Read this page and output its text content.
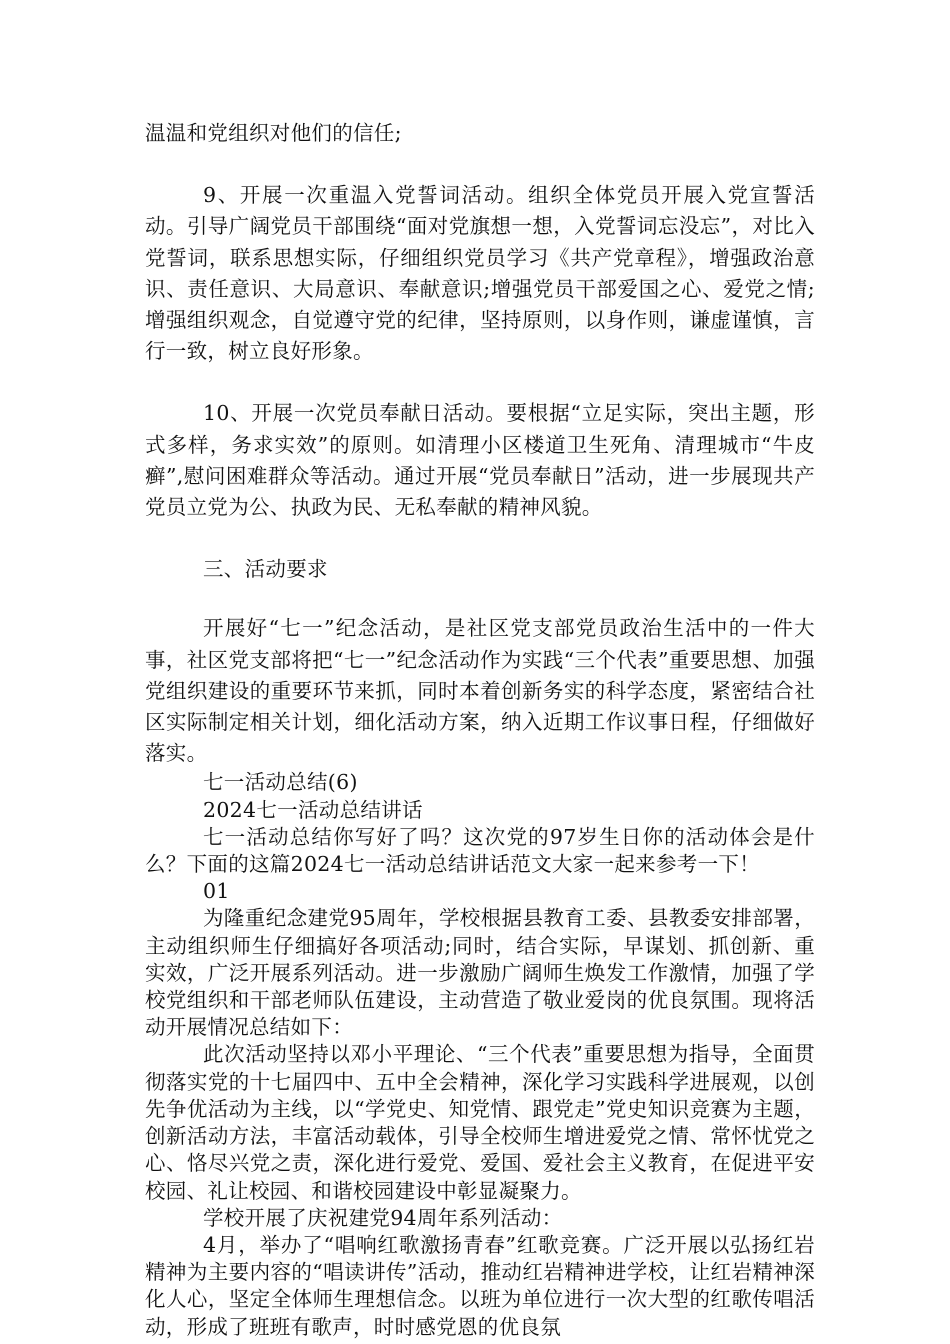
温温和党组织对他们的信任;

9、开展一次重温入党誓词活动。组织全体党员开展入党宣誓活动。引导广阔党员干部围绕“面对党旗想一想，入党誓词忘没忘”，对比入党誓词，联系思想实际，仔细组织党员学习《共产党章程》，增强政治意识、责任意识、大局意识、奉献意识;增强党员干部爱国之心、爱党之情;增强组织观念，自觉遵守党的纪律，坚持原则，以身作则，谦虚谨慎，言行一致，树立良好形象。

10、开展一次党员奉献日活动。要根据“立足实际，突出主题，形式多样，务求实效”的原则。如清理小区楼道卫生死角、清理城市“牛皮癣”,慰问困难群众等活动。通过开展“党员奉献日”活动，进一步展现共产党员立党为公、执政为民、无私奉献的精神风貌。

三、活动要求

开展好“七一”纪念活动，是社区党支部党员政治生活中的一件大事，社区党支部将把“七一”纪念活动作为实践“三个代表”重要思想、加强党组织建设的重要环节来抓，同时本着创新务实的科学态度，紧密结合社区实际制定相关计划，细化活动方案，纳入近期工作议事日程，仔细做好落实。

七一活动总结(6)

2024七一活动总结讲话

七一活动总结你写好了吗？这次党的97岁生日你的活动体会是什么？下面的这篇2024七一活动总结讲话范文大家一起来参考一下！

01

为隆重纪念建党95周年，学校根据县教育工委、县教委安排部署，主动组织师生仔细搞好各项活动;同时，结合实际，早谋划、抓创新、重实效，广泛开展系列活动。进一步激励广阔师生焕发工作激情，加强了学校党组织和干部老师队伍建设，主动营造了敬业爱岗的优良氛围。现将活动开展情况总结如下：

此次活动坚持以邓小平理论、“三个代表”重要思想为指导，全面贯彻落实党的十七届四中、五中全会精神，深化学习实践科学进展观，以创先争优活动为主线，以“学党史、知党情、跟党走”党史知识竞赛为主题，创新活动方法，丰富活动载体，引导全校师生增进爱党之情、常怀忧党之心、恪尽兴党之责，深化进行爱党、爱国、爱社会主义教育，在促进平安校园、礼让校园、和谐校园建设中彰显凝聚力。

学校开展了庆祝建党94周年系列活动：

4月，举办了“唱响红歌激扬青春”红歌竞赛。广泛开展以弘扬红岩精神为主要内容的“唱读讲传”活动，推动红岩精神进学校，让红岩精神深化人心，坚定全体师生理想信念。以班为单位进行一次大型的红歌传唱活动，形成了班班有歌声，时时感党恩的优良氛
